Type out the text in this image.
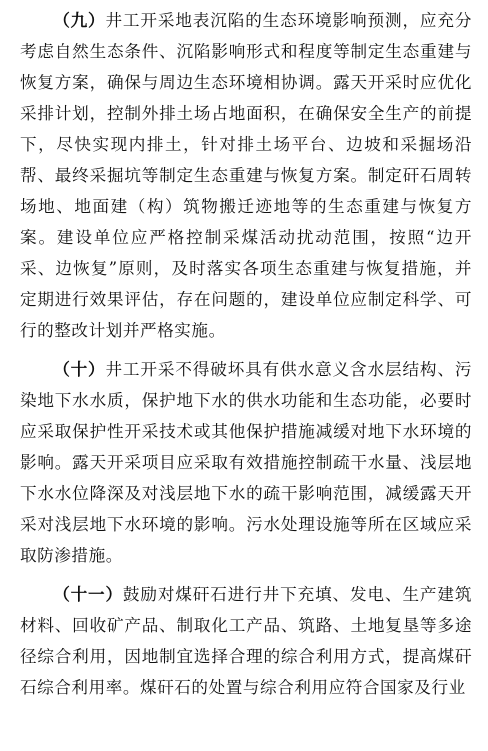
（九）井工开采地表沉陷的生态环境影响预测，应充分考虑自然生态条件、沉陷影响形式和程度等制定生态重建与恢复方案，确保与周边生态环境相协调。露天开采时应优化采排计划，控制外排土场占地面积，在确保安全生产的前提下，尽快实现内排土，针对排土场平台、边坡和采掘场沿帮、最终采掘坑等制定生态重建与恢复方案。制定矸石周转场地、地面建（构）筑物搬迁迹地等的生态重建与恢复方案。建设单位应严格控制采煤活动扰动范围，按照“边开采、边恢复”原则，及时落实各项生态重建与恢复措施，并定期进行效果评估，存在问题的，建设单位应制定科学、可行的整改计划并严格实施。

（十）井工开采不得破坏具有供水意义含水层结构、污染地下水水质，保护地下水的供水功能和生态功能，必要时应采取保护性开采技术或其他保护措施减缓对地下水环境的影响。露天开采项目应采取有效措施控制疏干水量、浅层地下水水位降深及对浅层地下水的疏干影响范围，减缓露天开采对浅层地下水环境的影响。污水处理设施等所在区域应采取防渗措施。

（十一）鼓励对煤矸石进行井下充填、发电、生产建筑材料、回收矿产品、制取化工产品、筑路、土地复垦等多途径综合利用，因地制宜选择合理的综合利用方式，提高煤矸石综合利用率。煤矸石的处置与综合利用应符合国家及行业
